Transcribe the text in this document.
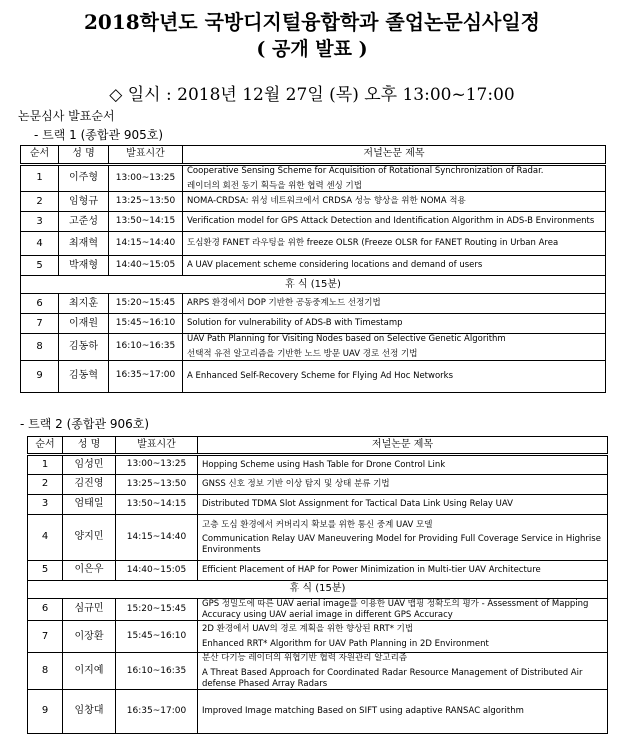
2018학년도 국방디지털융합학과 졸업논문심사일정
( 공개 발표 )
◇ 일시 : 2018년 12월 27일 (목) 오후 13:00~17:00
논문심사 발표순서
- 트랙 1 (종합관 905호)
- 트랙 2 (종합관 906호)
순서	성 명	발표시간	저널논문 제목
1	이주형	13:00~13:25	Cooperative Sensing Scheme for Acquisition of Rotational Synchronization of Radar.
레이더의 회전 동기 획득을 위한 협력 센싱 기법

2	임형규	13:25~13:50	NOMA-CRDSA: 위성 네트워크에서 CRDSA 성능 향상을 위한 NOMA 적용

3	고준성	13:50~14:15	Verification model for GPS Attack Detection and Identification Algorithm in ADS-B Environments

4	최재혁	14:15~14:40	도심환경 FANET 라우팅을 위한 freeze OLSR (Freeze OLSR for FANET Routing in Urban Area

5	박재형	14:40~15:05	A UAV placement scheme considering locations and demand of users

휴 식 (15분)			
6	최지훈	15:20~15:45	ARPS 환경에서 DOP 기반한 공동중계노드 선정기법

7	이재원	15:45~16:10	Solution for vulnerability of ADS-B with Timestamp

8	김동하	16:10~16:35	UAV Path Planning for Visiting Nodes based on Selective Genetic Algorithm
선택적 유전 알고리즘을 기반한 노드 방문 UAV 경로 선정 기법

9	김동혁	16:35~17:00	A Enhanced Self-Recovery Scheme for Flying Ad Hoc Networks
순서	성 명	발표시간	저널논문 제목
1	임성민	13:00~13:25	Hopping Scheme using Hash Table for Drone Control Link

2	김진영	13:25~13:50	GNSS 신호 정보 기반 이상 탐지 및 상태 분류 기법

3	엄태일	13:50~14:15	Distributed TDMA Slot Assignment for Tactical Data Link Using Relay UAV

4	양지민	14:15~14:40	고층 도심 환경에서 커버리지 확보를 위한 통신 중계 UAV 모델
Communication Relay UAV Maneuvering Model for Providing Full Coverage Service in Highrise Environments

5	이은우	14:40~15:05	Efficient Placement of HAP for Power Minimization in Multi-tier UAV Architecture

휴 식 (15분)			
6	심규민	15:20~15:45	GPS 정밀도에 따른 UAV aerial image를 이용한 UAV 맵핑 정확도의 평가 - Assessment of Mapping Accuracy using UAV aerial image in different GPS Accuracy

7	이장환	15:45~16:10	2D 환경에서 UAV의 경로 계획을 위한 향상된 RRT* 기법
Enhanced RRT* Algorithm for UAV Path Planning in 2D Environment

8	이지예	16:10~16:35	분산 다기능 레이더의 위협기반 협력 자원관리 알고리즘
A Threat Based Approach for Coordinated Radar Resource Management of Distributed Air defense Phased Array Radars

9	임창대	16:35~17:00	Improved Image matching Based on SIFT using adaptive RANSAC algorithm
